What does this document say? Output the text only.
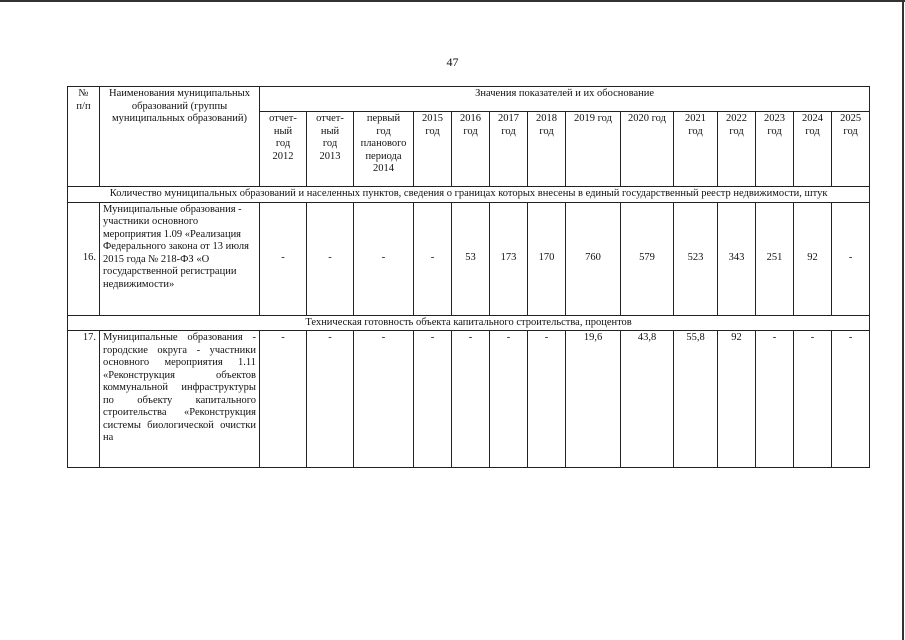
47
№
п/п	Наименования муниципальных образований (группы муниципальных образований)	Значения показателей и их обоснование													
		отчет-
ный
год
2012	отчет-
ный
год
2013	первый
год
планового
периода
2014	2015
год	2016
год	2017
год	2018
год	2019 год	2020 год	2021
год	2022
год	2023
год	2024
год	2025
год
Количество муниципальных образований и населенных пунктов, сведения о границах которых внесены в единый государственный реестр недвижимости, штук															
16.	Муниципальные образования - участники основного мероприятия 1.09 «Реализация Федерального закона от 13 июля 2015 года № 218-ФЗ «О государственной регистрации недвижимости»	-	-	-	-	53	173	170	760	579	523	343	251	92	-
Техническая готовность объекта капитального строительства, процентов															
17.	Муниципальные образования - городские округа - участники основного мероприятия 1.11 «Реконструкция объектов коммунальной инфраструктуры по объекту капитального строительства «Реконструкция системы биологической очистки на	-	-	-	-	-	-	-	19,6	43,8	55,8	92	-	-	-
